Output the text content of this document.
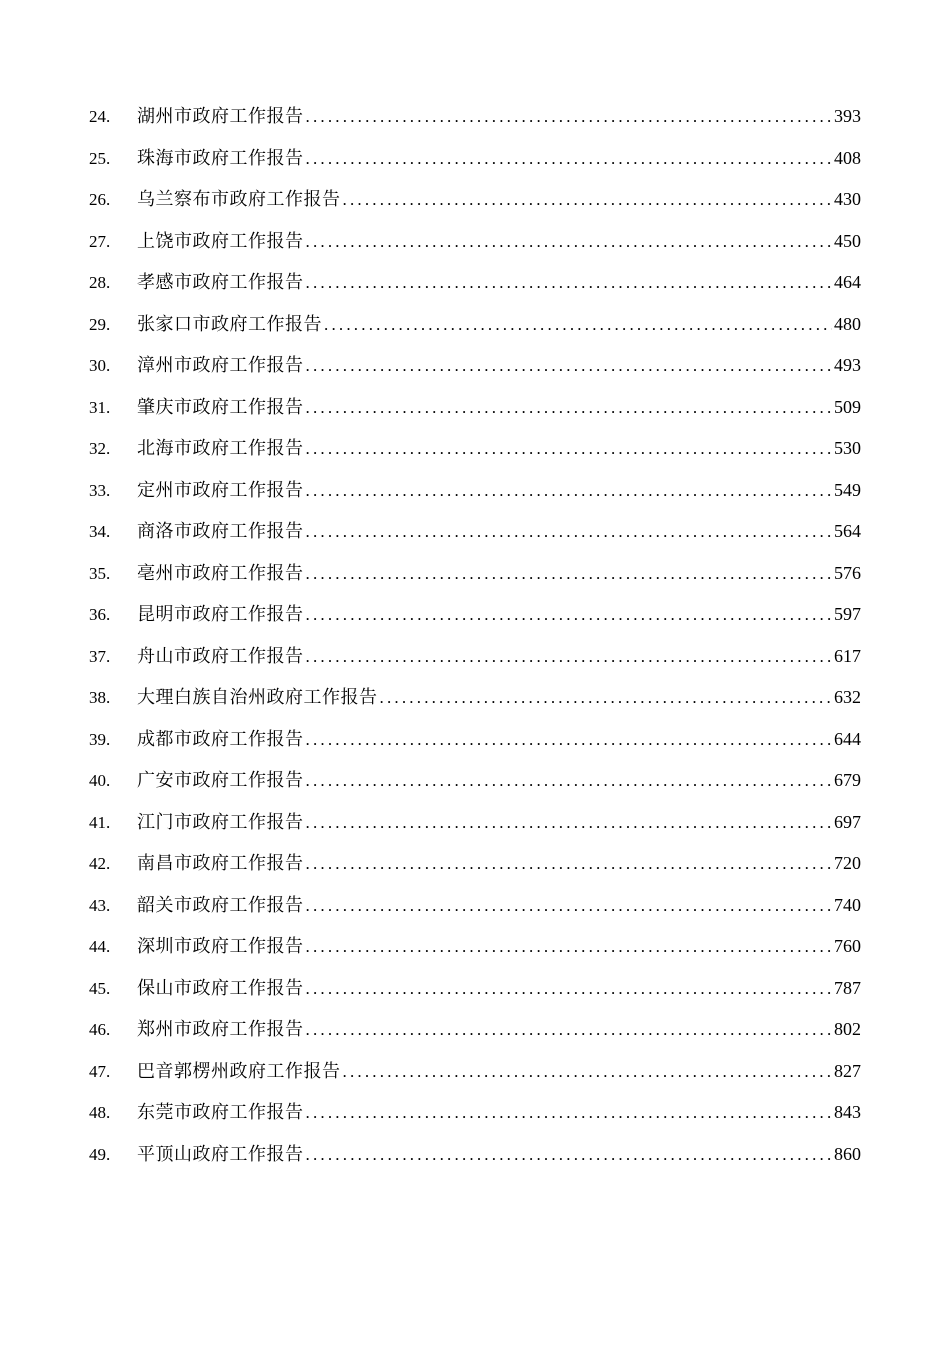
24.	湖州市政府工作报告 .....	393
25.	珠海市政府工作报告 .....	408
26.	乌兰察布市政府工作报告 .....	430
27.	上饶市政府工作报告 .....	450
28.	孝感市政府工作报告 .....	464
29.	张家口市政府工作报告 .....	480
30.	漳州市政府工作报告 .....	493
31.	肇庆市政府工作报告 .....	509
32.	北海市政府工作报告 .....	530
33.	定州市政府工作报告 .....	549
34.	商洛市政府工作报告 .....	564
35.	亳州市政府工作报告 .....	576
36.	昆明市政府工作报告 .....	597
37.	舟山市政府工作报告 .....	617
38.	大理白族自治州政府工作报告 .....	632
39.	成都市政府工作报告 .....	644
40.	广安市政府工作报告 .....	679
41.	江门市政府工作报告 .....	697
42.	南昌市政府工作报告 .....	720
43.	韶关市政府工作报告 .....	740
44.	深圳市政府工作报告 .....	760
45.	保山市政府工作报告 .....	787
46.	郑州市政府工作报告 .....	802
47.	巴音郭楞州政府工作报告 .....	827
48.	东莞市政府工作报告 .....	843
49.	平顶山政府工作报告 .....	860
